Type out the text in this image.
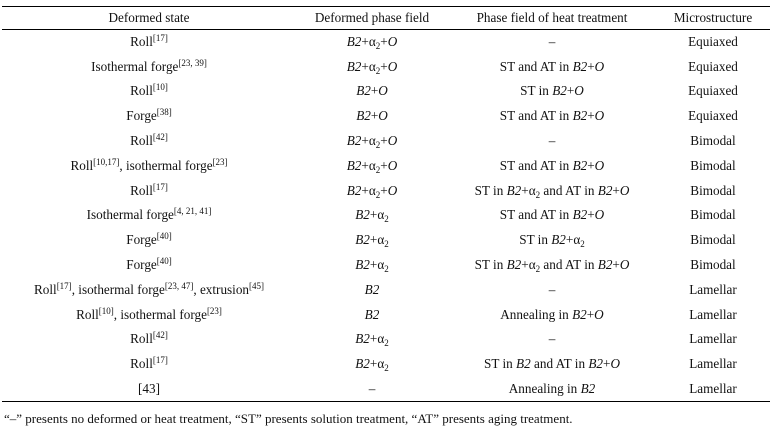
Deformed state	Deformed phase field	Phase field of heat treatment	Microstructure
Roll[17]	$B2+\alpha_2+O$	–	Equiaxed
Isothermal forge[23, 39]	$B2+\alpha_2+O$	ST and AT in B2+O	Equiaxed
Roll[10]	B2+O	ST in B2+O	Equiaxed
Forge[38]	B2+O	ST and AT in B2+O	Equiaxed
Roll[42]	$B2+\alpha_2+O$	–	Bimodal
Roll[10,17], isothermal forge[23]	$B2+\alpha_2+O$	ST and AT in B2+O	Bimodal
Roll[17]	$B2+\alpha_2+O$	ST in $B2+\alpha_2$ and AT in B2+O	Bimodal
Isothermal forge[4, 21, 41]	$B2+\alpha_2$	ST and AT in B2+O	Bimodal
Forge[40]	$B2+\alpha_2$	ST in $B2+\alpha_2$	Bimodal
Forge[40]	$B2+\alpha_2$	ST in $B2+\alpha_2$ and AT in B2+O	Bimodal
Roll[17], isothermal forge[23, 47], extrusion[45]	B2	–	Lamellar
Roll[10], isothermal forge[23]	B2	Annealing in B2+O	Lamellar
Roll[42]	$B2+\alpha_2$	–	Lamellar
Roll[17]	$B2+\alpha_2$	ST in B2 and AT in B2+O	Lamellar
[43]	–	Annealing in B2	Lamellar
“–” presents no deformed or heat treatment, “ST” presents solution treatment, “AT” presents aging treatment.
